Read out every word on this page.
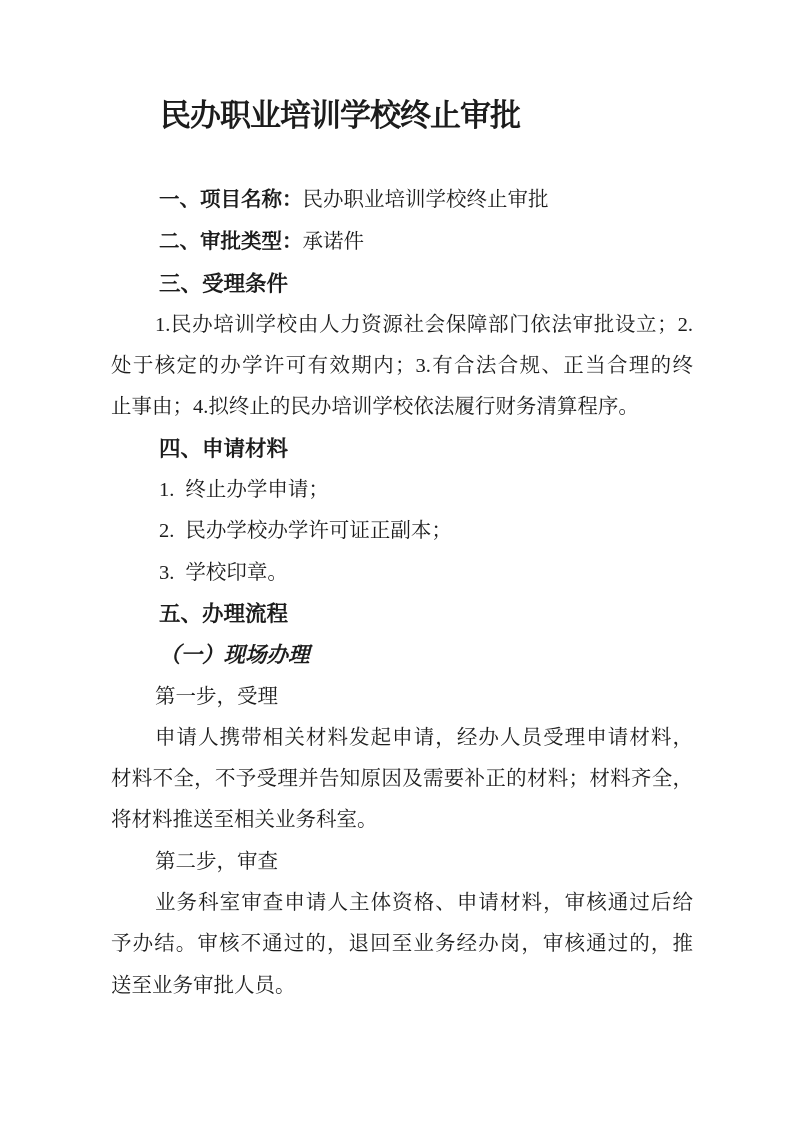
民办职业培训学校终止审批
一、项目名称：民办职业培训学校终止审批
二、审批类型：承诺件
三、受理条件
1.民办培训学校由人力资源社会保障部门依法审批设立；2.
处于核定的办学许可有效期内；3.有合法合规、正当合理的终
止事由；4.拟终止的民办培训学校依法履行财务清算程序。
四、申请材料
1. 终止办学申请；
2. 民办学校办学许可证正副本；
3. 学校印章。
五、办理流程
（一）现场办理
第一步，受理
申请人携带相关材料发起申请，经办人员受理申请材料，
材料不全，不予受理并告知原因及需要补正的材料；材料齐全，
将材料推送至相关业务科室。
第二步，审查
业务科室审查申请人主体资格、申请材料，审核通过后给
予办结。审核不通过的，退回至业务经办岗，审核通过的，推
送至业务审批人员。
